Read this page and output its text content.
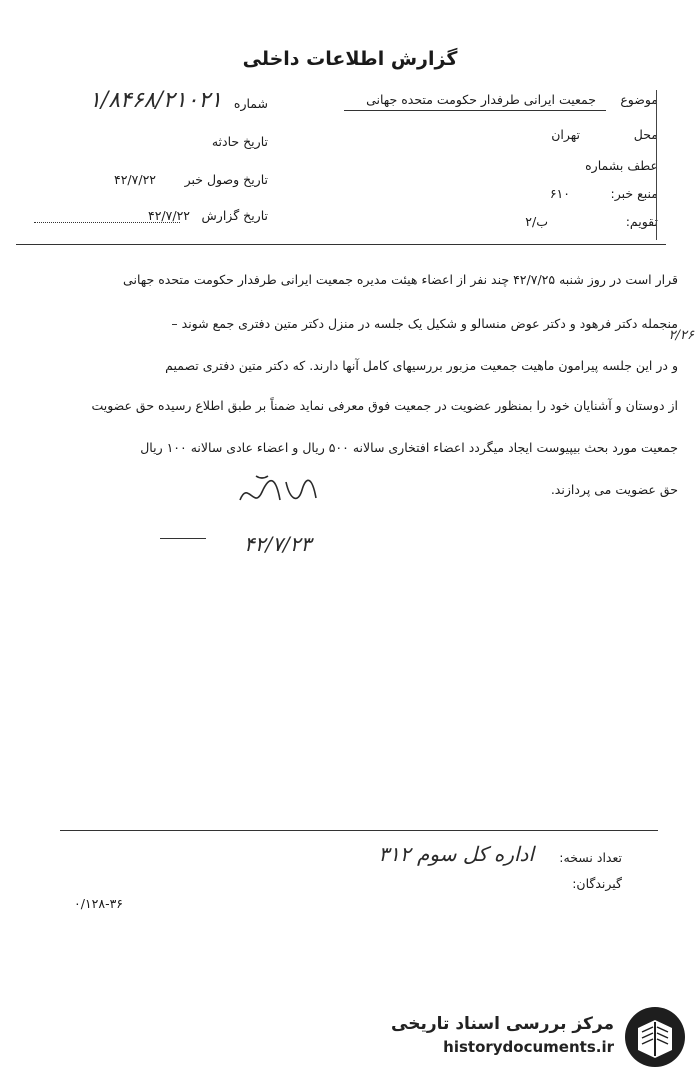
گزارش اطلاعات داخلی
موضوع
جمعیت ایرانی طرفدار حکومت متحده جهانی
محل
تهران
عطف بشماره
منبع خبر:
۶۱۰
تقویم:
ب/۲
شماره
۱/۸۴۶۸/۲۱۰۲۱
تاریخ حادثه
تاریخ وصول خبر
۴۲/۷/۲۲
تاریخ گزارش
۴۲/۷/۲۲
قرار است در روز شنبه ۴۲/۷/۲۵ چند نفر از اعضاء هیئت مدیره جمعیت ایرانی طرفدار حکومت متحده جهانی
منجمله دکتر فرهود و دکتر عوض منسالو و شکیل یک جلسه در منزل دکتر متین دفتری جمع شوند –
۲/۲۶
و در این جلسه پیرامون ماهیت جمعیت مزبور بررسیهای کامل آنها دارند. که دکتر متین دفتری تصمیم
از دوستان و آشنایان خود را بمنظور عضویت در جمعیت فوق معرفی نماید ضمناً بر طبق اطلاع رسیده حق عضویت
جمعیت مورد بحث بیپیوست ایجاد میگردد اعضاء افتخاری سالانه ۵۰۰ ریال و اعضاء عادی سالانه ۱۰۰ ریال
حق عضویت می پردازند.
۴۲/۷/۲۳
تعداد نسخه:
اداره کل سوم ۳۱۲
گیرندگان:
۰/۱۲۸-۳۶
مرکز بررسی اسناد تاریخی
historydocuments.ir
